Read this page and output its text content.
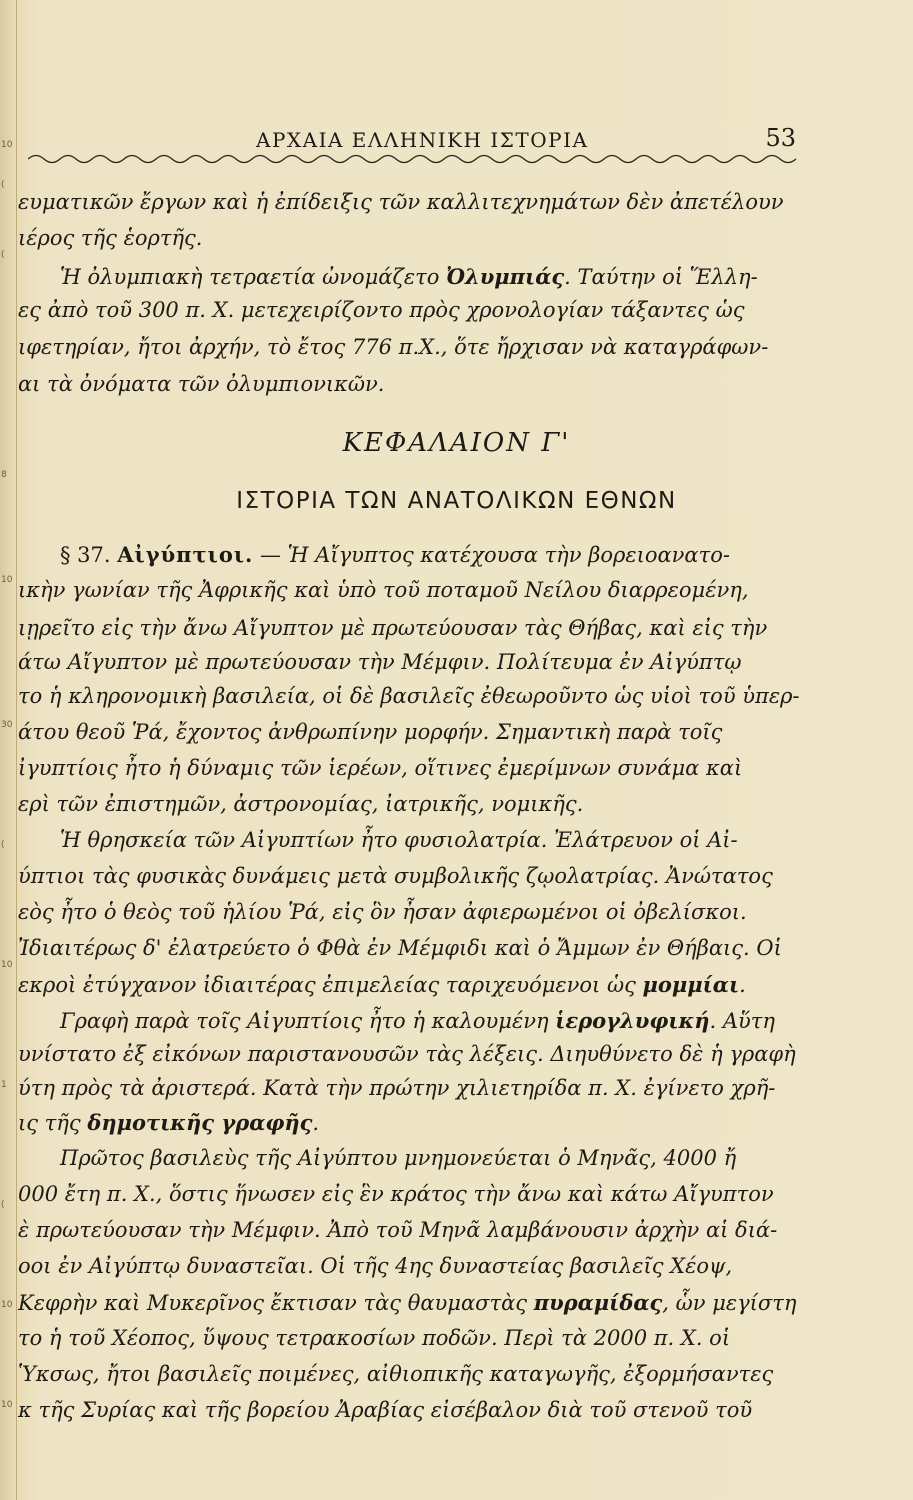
10
(
(
8
10
30
(
10
1
(
10
10
ΑΡΧΑΙΑ ΕΛΛΗΝΙΚΗ ΙΣΤΟΡΙΑ	53
ευματικῶν ἔργων καὶ ἡ ἐπίδειξις τῶν καλλιτεχνημάτων δὲν ἀπετέλουν
ιέρος τῆς ἑορτῆς.
Ἡ ὀλυμπιακὴ τετραετία ὠνομάζετο Ὀλυμπιάς. Ταύτην οἱ Ἕλλη-
ες ἀπὸ τοῦ 300 π. Χ. μετεχειρίζοντο πρὸς χρονολογίαν τάξαντες ὡς
ιφετηρίαν, ἤτοι ἀρχήν, τὸ ἔτος 776 π.Χ., ὅτε ἤρχισαν νὰ καταγράφων-
αι τὰ ὀνόματα τῶν ὀλυμπιονικῶν.
ΚΕΦΑΛΑΙΟΝ Γ'
ΙΣΤΟΡΙΑ ΤΩΝ ΑΝΑΤΟΛΙΚΩΝ ΕΘΝΩΝ
§ 37. Αἰγύπτιοι. — Ἡ Αἴγυπτος κατέχουσα τὴν βορειοανατο-
ικὴν γωνίαν τῆς Ἀφρικῆς καὶ ὑπὸ τοῦ ποταμοῦ Νείλου διαρρεομένη,
ιῃρεῖτο εἰς τὴν ἄνω Αἴγυπτον μὲ πρωτεύουσαν τὰς Θήβας, καὶ εἰς τὴν
άτω Αἴγυπτον μὲ πρωτεύουσαν τὴν Μέμφιν. Πολίτευμα ἐν Αἰγύπτῳ
το ἡ κληρονομικὴ βασιλεία, οἱ δὲ βασιλεῖς ἐθεωροῦντο ὡς υἱοὶ τοῦ ὑπερ-
άτου θεοῦ Ῥά, ἔχοντος ἀνθρωπίνην μορφήν. Σημαντικὴ παρὰ τοῖς
ἰγυπτίοις ἦτο ἡ δύναμις τῶν ἱερέων, οἵτινες ἐμερίμνων συνάμα καὶ
ερὶ τῶν ἐπιστημῶν, ἀστρονομίας, ἰατρικῆς, νομικῆς.
Ἡ θρησκεία τῶν Αἰγυπτίων ἦτο φυσιολατρία. Ἐλάτρευον οἱ Αἰ-
ύπτιοι τὰς φυσικὰς δυνάμεις μετὰ συμβολικῆς ζῳολατρίας. Ἀνώτατος
εὸς ἦτο ὁ θεὸς τοῦ ἡλίου Ῥά, εἰς ὃν ἦσαν ἀφιερωμένοι οἱ ὀβελίσκοι.
Ἰδιαιτέρως δ' ἐλατρεύετο ὁ Φθὰ ἐν Μέμφιδι καὶ ὁ Ἄμμων ἐν Θήβαις. Οἱ
εκροὶ ἐτύγχανον ἰδιαιτέρας ἐπιμελείας ταριχευόμενοι ὡς μομμίαι.
Γραφὴ παρὰ τοῖς Αἰγυπτίοις ἦτο ἡ καλουμένη ἱερογλυφική. Αὕτη
υνίστατο ἐξ εἰκόνων παριστανουσῶν τὰς λέξεις. Διηυθύνετο δὲ ἡ γραφὴ
ύτη πρὸς τὰ ἀριστερά. Κατὰ τὴν πρώτην χιλιετηρίδα π. Χ. ἐγίνετο χρῆ-
ις τῆς δημοτικῆς γραφῆς.
Πρῶτος βασιλεὺς τῆς Αἰγύπτου μνημονεύεται ὁ Μηνᾶς, 4000 ἤ
000 ἔτη π. Χ., ὅστις ἥνωσεν εἰς ἓν κράτος τὴν ἄνω καὶ κάτω Αἴγυπτον
ὲ πρωτεύουσαν τὴν Μέμφιν. Ἀπὸ τοῦ Μηνᾶ λαμβάνουσιν ἀρχὴν αἱ διά-
οοι ἐν Αἰγύπτῳ δυναστεῖαι. Οἱ τῆς 4ης δυναστείας βασιλεῖς Χέοψ,
Κεφρὴν καὶ Μυκερῖνος ἔκτισαν τὰς θαυμαστὰς πυραμίδας, ὧν μεγίστη
το ἡ τοῦ Χέοπος, ὕψους τετρακοσίων ποδῶν. Περὶ τὰ 2000 π. Χ. οἱ
Ὑκσως, ἤτοι βασιλεῖς ποιμένες, αἰθιοπικῆς καταγωγῆς, ἐξορμήσαντες
κ τῆς Συρίας καὶ τῆς βορείου Ἀραβίας εἰσέβαλον διὰ τοῦ στενοῦ τοῦ
